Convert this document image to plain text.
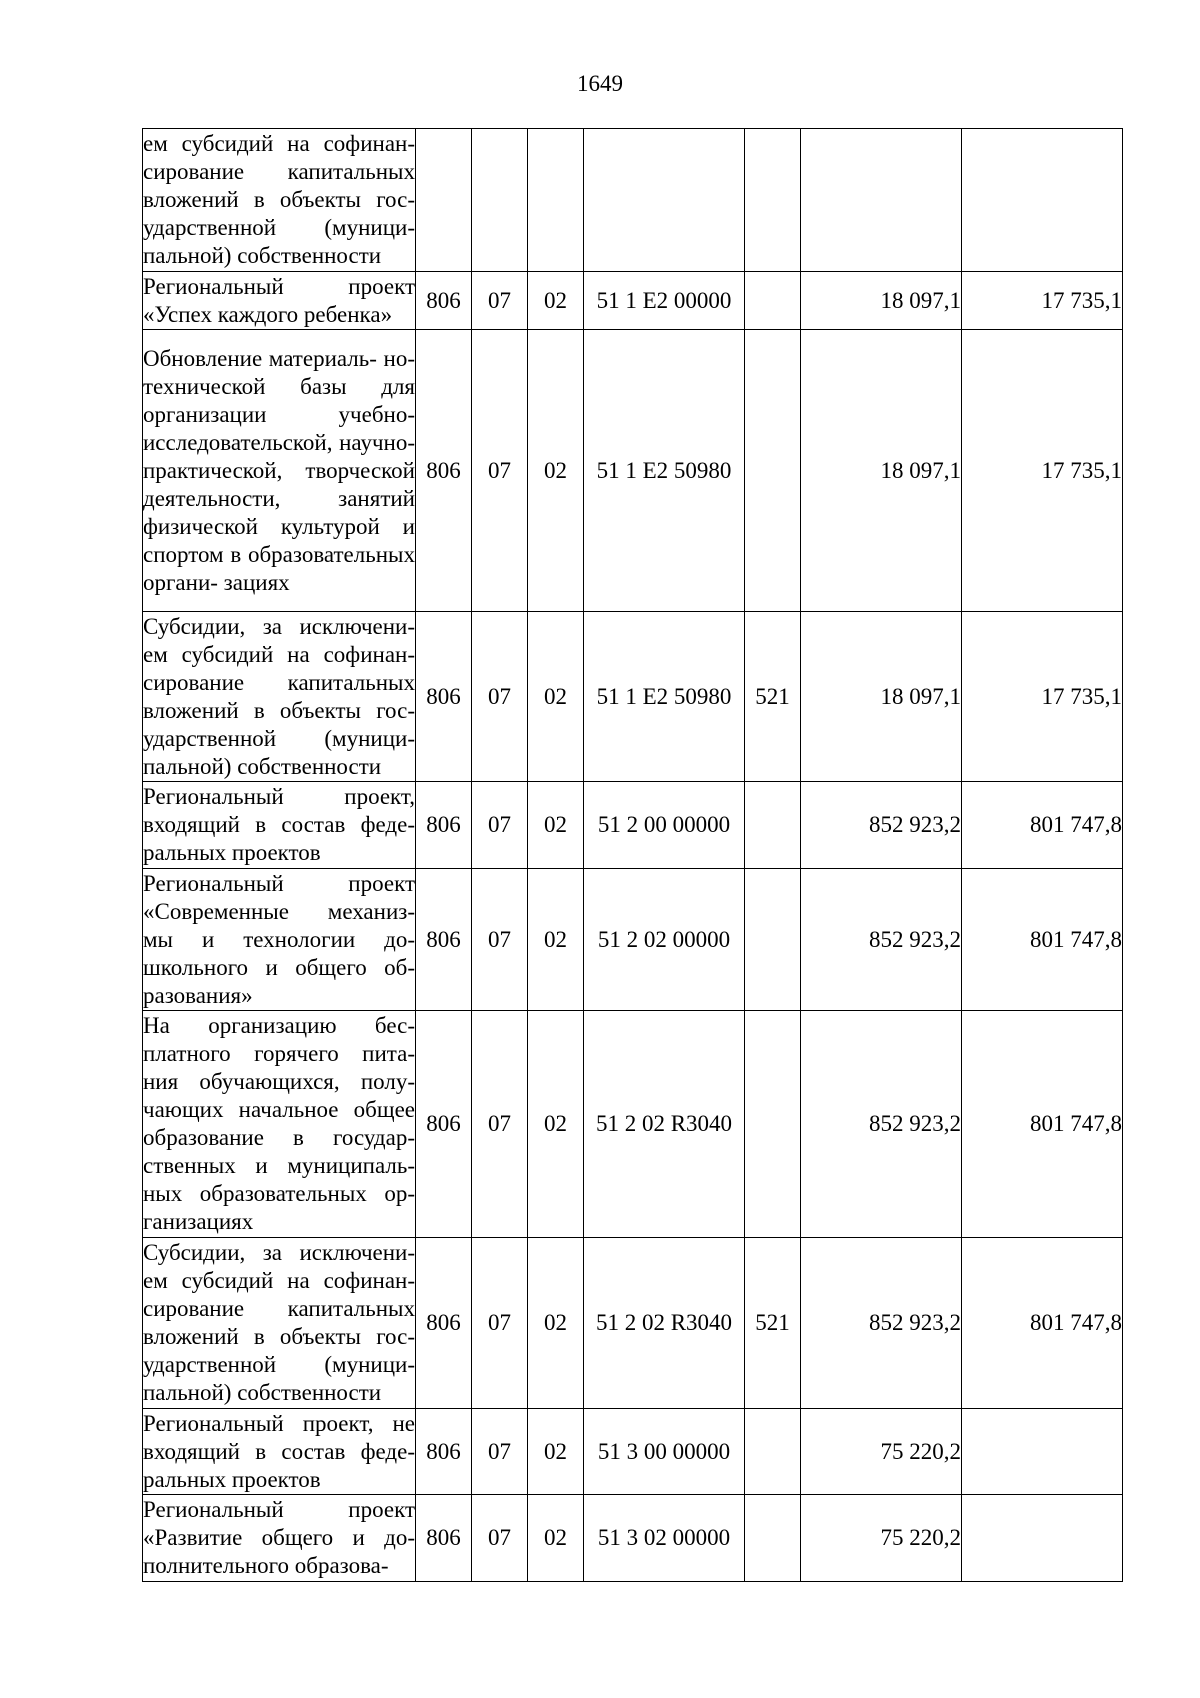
1649
ем субсидий на софинан- сирование капитальных вложений в объекты гос- ударственной (муници- пальной) собственности							
Региональный проект «Успех каждого ребенка»	806	07	02	51 1 E2 00000		18 097,1	17 735,1
Обновление материаль- но-технической базы для организации учебно- исследовательской, научно-практической, творческой деятельности, занятий физической культурой и спортом в образовательных органи- зациях	806	07	02	51 1 E2 50980		18 097,1	17 735,1
Субсидии, за исключени- ем субсидий на софинан- сирование капитальных вложений в объекты гос- ударственной (муници- пальной) собственности	806	07	02	51 1 E2 50980	521	18 097,1	17 735,1
Региональный проект, входящий в состав феде- ральных проектов	806	07	02	51 2 00 00000		852 923,2	801 747,8
Региональный проект «Современные механиз- мы и технологии до- школьного и общего об- разования»	806	07	02	51 2 02 00000		852 923,2	801 747,8
На организацию бес- платного горячего пита- ния обучающихся, полу- чающих начальное общее образование в государ- ственных и муниципаль- ных образовательных ор- ганизациях	806	07	02	51 2 02 R3040		852 923,2	801 747,8
Субсидии, за исключени- ем субсидий на софинан- сирование капитальных вложений в объекты гос- ударственной (муници- пальной) собственности	806	07	02	51 2 02 R3040	521	852 923,2	801 747,8
Региональный проект, не входящий в состав феде- ральных проектов	806	07	02	51 3 00 00000		75 220,2	
Региональный проект «Развитие общего и до- полнительного образова-	806	07	02	51 3 02 00000		75 220,2	
